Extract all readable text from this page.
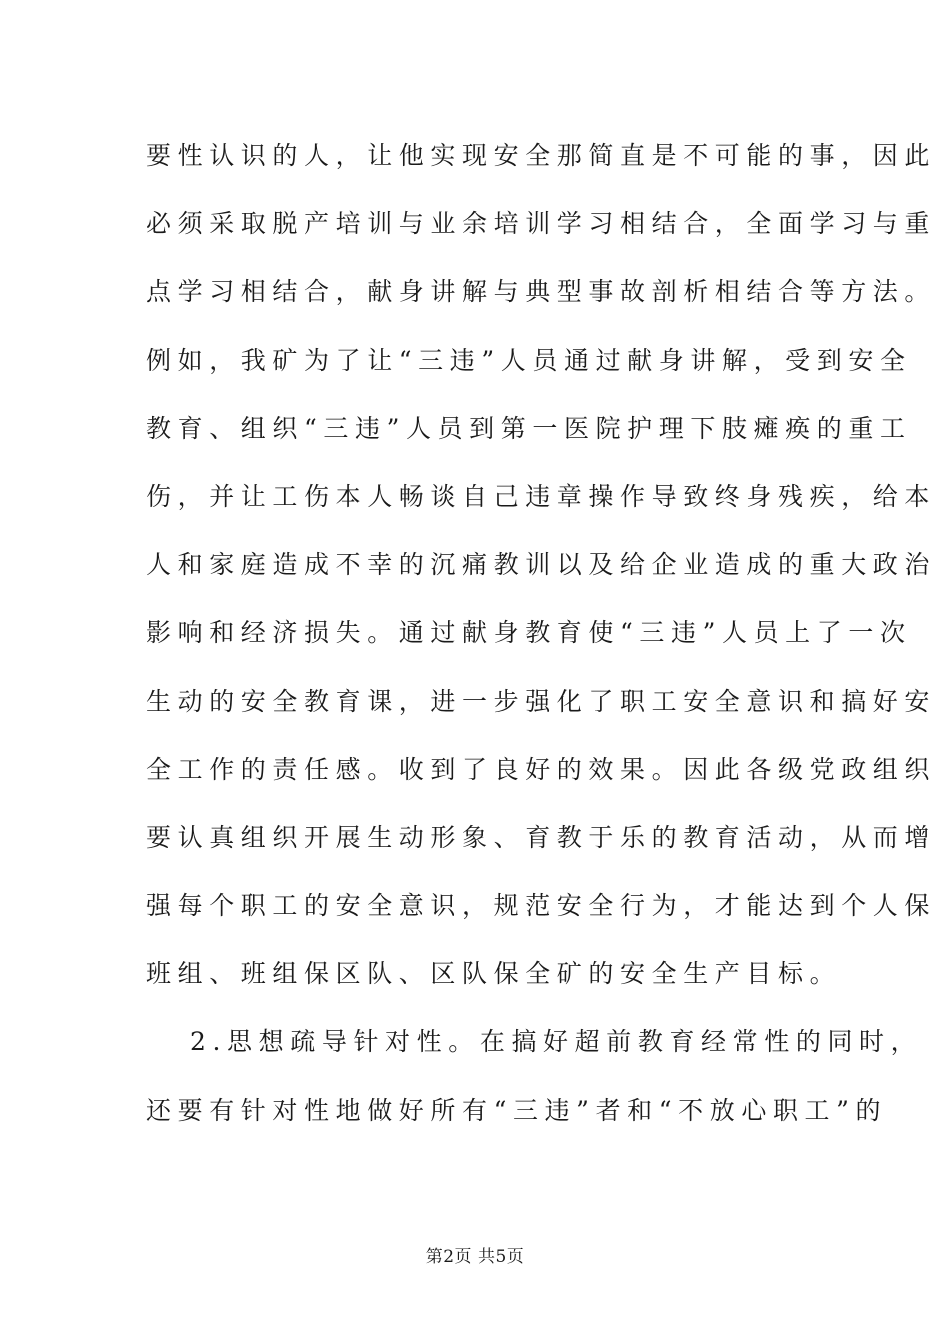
要性认识的人，让他实现安全那简直是不可能的事，因此
必须采取脱产培训与业余培训学习相结合，全面学习与重
点学习相结合，献身讲解与典型事故剖析相结合等方法。
例如，我矿为了让“三违”人员通过献身讲解，受到安全
教育、组织“三违”人员到第一医院护理下肢瘫痪的重工
伤，并让工伤本人畅谈自己违章操作导致终身残疾，给本
人和家庭造成不幸的沉痛教训以及给企业造成的重大政治
影响和经济损失。通过献身教育使“三违”人员上了一次
生动的安全教育课，进一步强化了职工安全意识和搞好安
全工作的责任感。收到了良好的效果。因此各级党政组织
要认真组织开展生动形象、育教于乐的教育活动，从而增
强每个职工的安全意识，规范安全行为，才能达到个人保
班组、班组保区队、区队保全矿的安全生产目标。
2.思想疏导针对性。在搞好超前教育经常性的同时，
还要有针对性地做好所有“三违”者和“不放心职工”的
第2页 共5页
